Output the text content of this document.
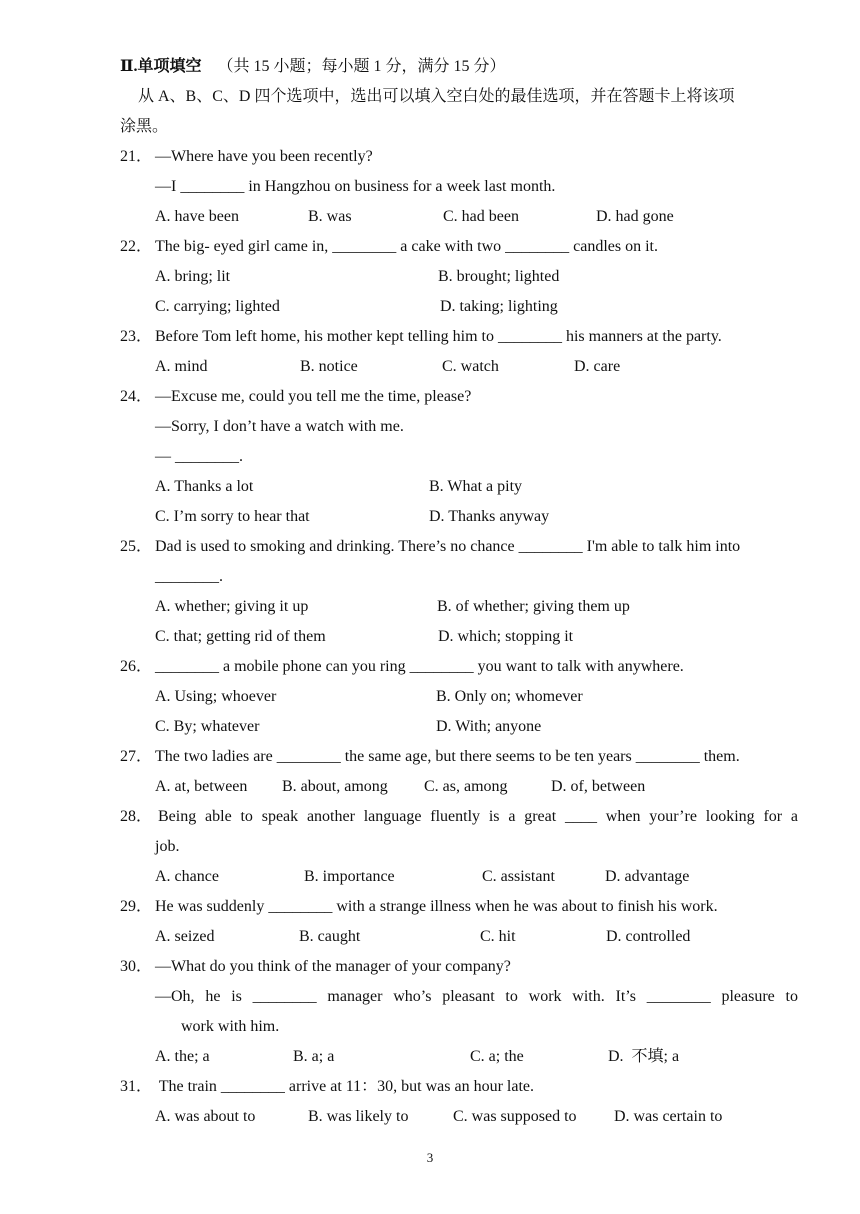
Ⅱ.单项填空 （共 15 小题；每小题 1 分，满分 15 分）
从 A、B、C、D 四个选项中，选出可以填入空白处的最佳选项，并在答题卡上将该项
涂黑。
21． —Where have you been recently?
—I ________ in Hangzhou on business for a week last month.
A. have been	B. was	C. had been	D. had gone
22． The big- eyed girl came in, ________ a cake with two ________ candles on it.
A. bring; lit	B. brought; lighted
C. carrying; lighted	D. taking; lighting
23． Before Tom left home, his mother kept telling him to ________ his manners at the party.
A. mind	B. notice	C. watch	D. care
24． —Excuse me, could you tell me the time, please?
—Sorry, I don’t have a watch with me.
— ________.
A. Thanks a lot	B. What a pity
C. I’m sorry to hear that	D. Thanks anyway
25． Dad is used to smoking and drinking. There’s no chance ________ I'm able to talk him into
________.
A. whether; giving it up	B. of whether; giving them up
C. that; getting rid of them	D. which; stopping it
26． ________ a mobile phone can you ring ________ you want to talk with anywhere.
A. Using; whoever	B. Only on; whomever
C. By; whatever	D. With; anyone
27． The two ladies are ________ the same age, but there seems to be ten years ________ them.
A. at, between B. about, among C. as, among	D. of, between
28． Being able to speak another language fluently is a great ____ when your’re looking for a
job.
A. chance	B. importance	C. assistant	D. advantage
29． He was suddenly ________ with a strange illness when he was about to finish his work.
A. seized	B. caught	C. hit	D. controlled
30． —What do you think of the manager of your company?
—Oh, he is ________ manager who’s pleasant to work with. It’s ________ pleasure to
work with him.
A. the; a	B. a; a	C. a; the	D.  不填; a
31． The train ________ arrive at 11：30, but was an hour late.
A. was about to	B. was likely to	C. was supposed to D. was certain to
3
